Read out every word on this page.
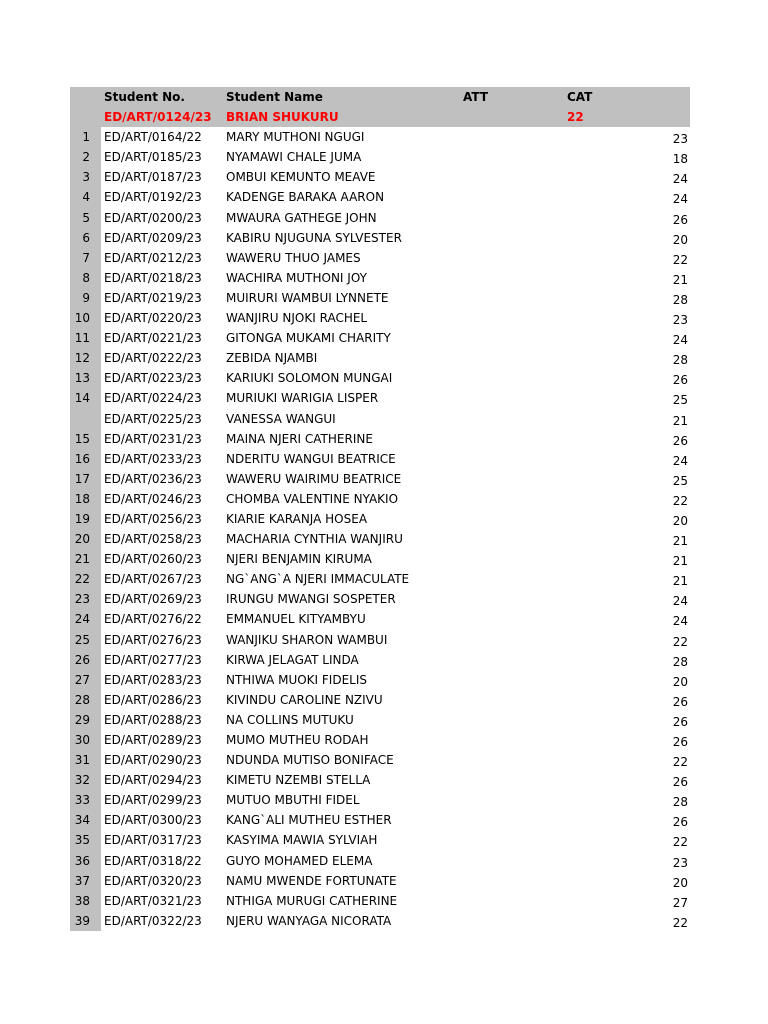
Student No.	Student Name	ATT	CAT
ED/ART/0124/23 BRIAN SHUKURU	22
1 ED/ART/0164/22 MARY MUTHONI NGUGI	23
2 ED/ART/0185/23 NYAMAWI CHALE JUMA	18
3 ED/ART/0187/23 OMBUI KEMUNTO MEAVE	24
4 ED/ART/0192/23 KADENGE BARAKA AARON	24
5 ED/ART/0200/23 MWAURA GATHEGE JOHN	26
6 ED/ART/0209/23 KABIRU NJUGUNA SYLVESTER	20
7 ED/ART/0212/23 WAWERU THUO JAMES	22
8 ED/ART/0218/23 WACHIRA MUTHONI JOY	21
9 ED/ART/0219/23 MUIRURI WAMBUI LYNNETE	28
10 ED/ART/0220/23 WANJIRU NJOKI RACHEL	23
11 ED/ART/0221/23 GITONGA MUKAMI CHARITY	24
12 ED/ART/0222/23 ZEBIDA NJAMBI	28
13 ED/ART/0223/23 KARIUKI SOLOMON MUNGAI	26
14 ED/ART/0224/23 MURIUKI WARIGIA LISPER	25
ED/ART/0225/23 VANESSA WANGUI	21
15 ED/ART/0231/23 MAINA NJERI CATHERINE	26
16 ED/ART/0233/23 NDERITU WANGUI BEATRICE	24
17 ED/ART/0236/23 WAWERU WAIRIMU BEATRICE	25
18 ED/ART/0246/23 CHOMBA VALENTINE NYAKIO	22
19 ED/ART/0256/23 KIARIE KARANJA HOSEA	20
20 ED/ART/0258/23 MACHARIA CYNTHIA WANJIRU	21
21 ED/ART/0260/23 NJERI BENJAMIN KIRUMA	21
22 ED/ART/0267/23 NG`ANG`A NJERI IMMACULATE	21
23 ED/ART/0269/23 IRUNGU MWANGI SOSPETER	24
24 ED/ART/0276/22 EMMANUEL KITYAMBYU	24
25 ED/ART/0276/23 WANJIKU SHARON WAMBUI	22
26 ED/ART/0277/23 KIRWA JELAGAT LINDA	28
27 ED/ART/0283/23 NTHIWA MUOKI FIDELIS	20
28 ED/ART/0286/23 KIVINDU CAROLINE NZIVU	26
29 ED/ART/0288/23 NA COLLINS MUTUKU	26
30 ED/ART/0289/23 MUMO MUTHEU RODAH	26
31 ED/ART/0290/23 NDUNDA MUTISO BONIFACE	22
32 ED/ART/0294/23 KIMETU NZEMBI STELLA	26
33 ED/ART/0299/23 MUTUO MBUTHI FIDEL	28
34 ED/ART/0300/23 KANG`ALI MUTHEU ESTHER	26
35 ED/ART/0317/23 KASYIMA MAWIA SYLVIAH	22
36 ED/ART/0318/22 GUYO MOHAMED ELEMA	23
37 ED/ART/0320/23 NAMU MWENDE FORTUNATE	20
38 ED/ART/0321/23 NTHIGA MURUGI CATHERINE	27
39 ED/ART/0322/23 NJERU WANYAGA NICORATA	22
